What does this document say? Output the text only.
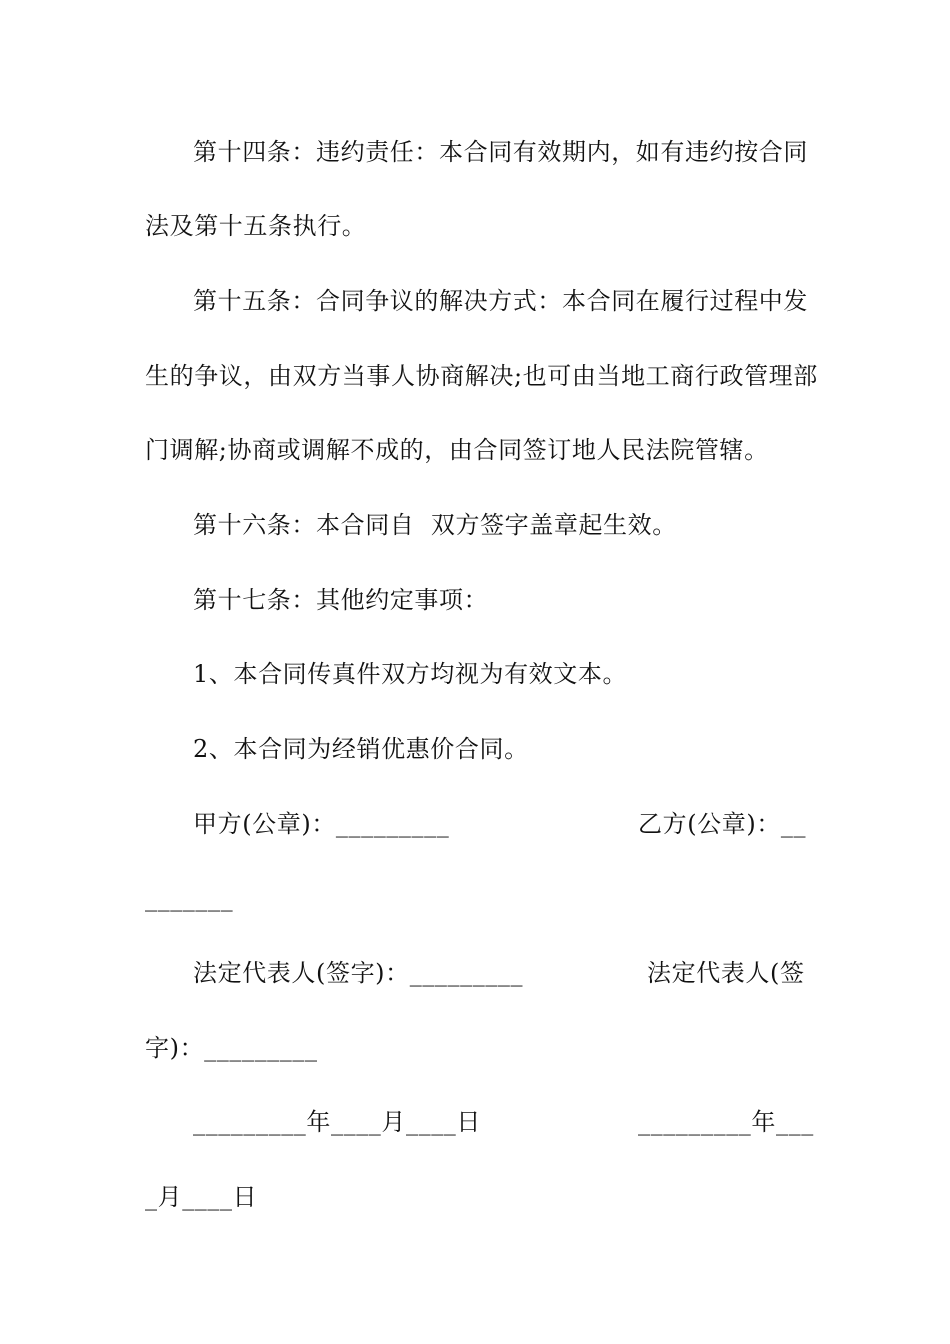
第十四条：违约责任：本合同有效期内，如有违约按合同
法及第十五条执行。
第十五条：合同争议的解决方式：本合同在履行过程中发
生的争议，由双方当事人协商解决;也可由当地工商行政管理部
门调解;协商或调解不成的，由合同签订地人民法院管辖。
第十六条：本合同自  双方签字盖章起生效。
第十七条：其他约定事项：
1、本合同传真件双方均视为有效文本。
2、本合同为经销优惠价合同。
甲方(公章)：_________	乙方(公章)：__
_______
法定代表人(签字)：_________	法定代表人(签
字)：_________
_________年____月____日	_________年___
_月____日
